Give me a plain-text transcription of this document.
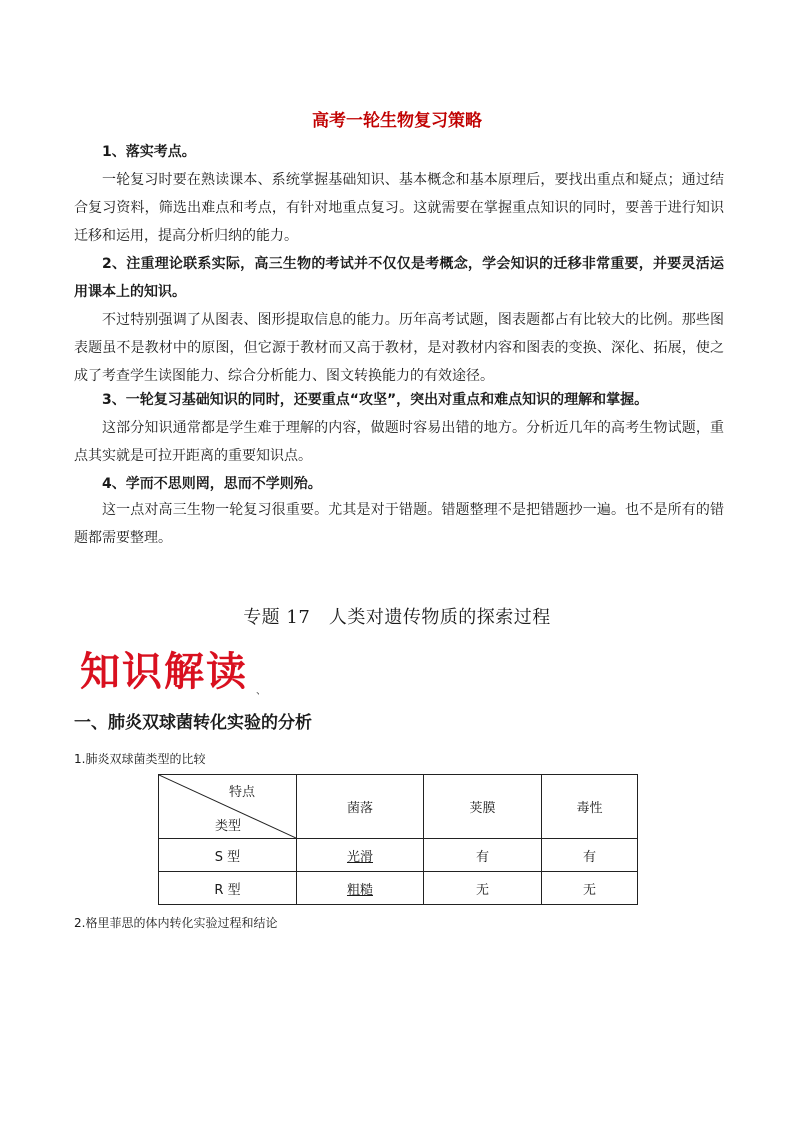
高考一轮生物复习策略

1、落实考点。

一轮复习时要在熟读课本、系统掌握基础知识、基本概念和基本原理后，要找出重点和疑点；通过结合复习资料，筛选出难点和考点，有针对地重点复习。这就需要在掌握重点知识的同时，要善于进行知识迁移和运用，提高分析归纳的能力。

2、注重理论联系实际，高三生物的考试并不仅仅是考概念，学会知识的迁移非常重要，并要灵活运用课本上的知识。

不过特别强调了从图表、图形提取信息的能力。历年高考试题，图表题都占有比较大的比例。那些图表题虽不是教材中的原图，但它源于教材而又高于教材，是对教材内容和图表的变换、深化、拓展，使之成了考查学生读图能力、综合分析能力、图文转换能力的有效途径。

3、一轮复习基础知识的同时，还要重点“攻坚”，突出对重点和难点知识的理解和掌握。

这部分知识通常都是学生难于理解的内容，做题时容易出错的地方。分析近几年的高考生物试题，重点其实就是可拉开距离的重要知识点。

4、学而不思则罔，思而不学则殆。

这一点对高三生物一轮复习很重要。尤其是对于错题。错题整理不是把错题抄一遍。也不是所有的错题都需要整理。

专题 17　人类对遗传物质的探索过程
知识解读 、
一、肺炎双球菌转化实验的分析
1.肺炎双球菌类型的比较
特点
类型	菌落	荚膜	毒性
S 型	光滑	有	有
R 型	粗糙	无	无
2.格里菲思的体内转化实验过程和结论
